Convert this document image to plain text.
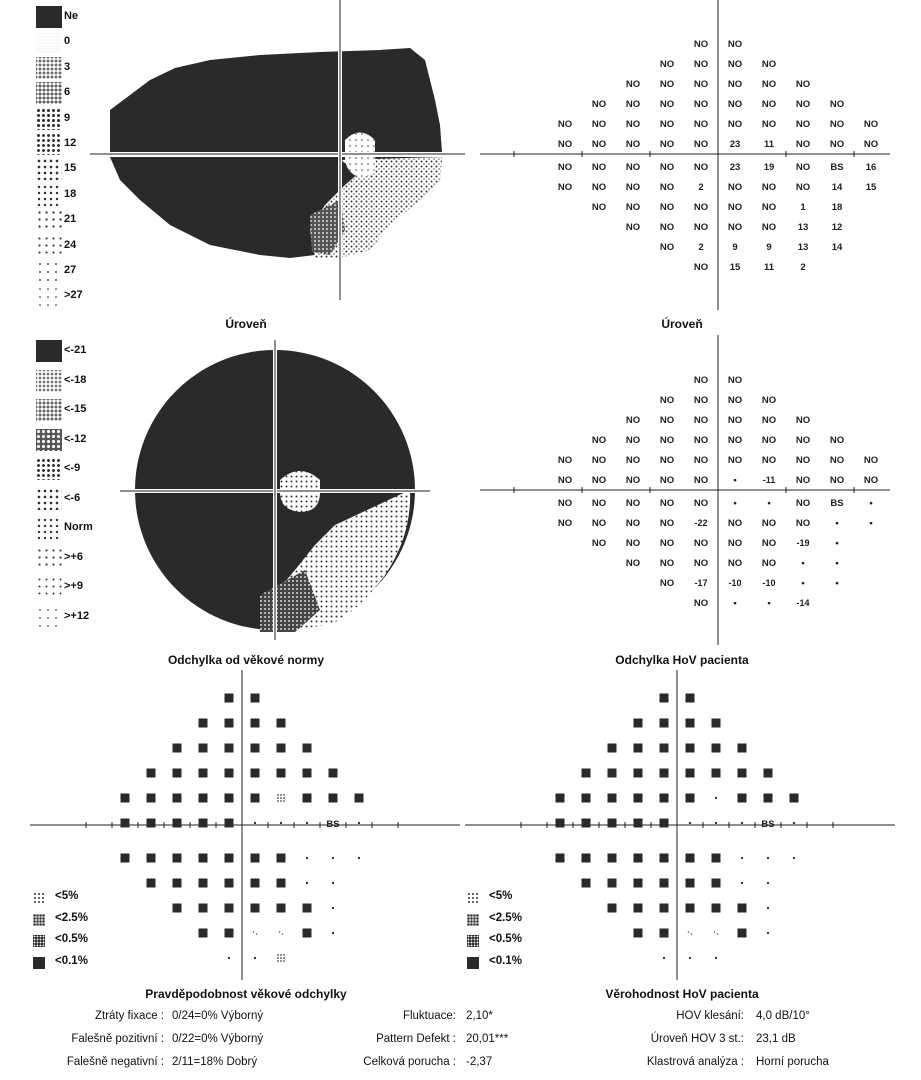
Ne
0
3
6
9
12
15
18
21
24
27
>27
Úroveň
NO NO
NO NO NO NO
NO NO NO NO NO NO
NO NO NO NO NO NO NO NO
NO NO NO NO NO NO NO NO NO NO
NO NO NO NO NO 23 11 NO NO NO
NO NO NO NO NO 23 19 NO BS 16
NO NO NO NO	2	NO NO NO 14 15
NO NO NO NO NO NO	1	18
NO NO NO NO NO 13 12
NO	2	9	9	13 14
NO 15 11	2
Úroveň
<-21
<-18
<-15
<-12
<-9
<-6
Norm
>+6
>+9
>+12
Odchylka od věkové normy
NO NO
NO NO NO NO
NO NO NO NO NO NO
NO NO NO NO NO NO NO NO
NO NO NO NO NO NO NO NO NO NO
NO NO NO NO NO	•	-11 NO NO NO
NO NO NO NO NO	•	•	NO BS	•
NO NO NO NO -22 NO NO NO	•	•
NO NO NO NO NO NO -19	•
NO NO NO NO NO	•	•
NO -17 -10 -10	•	•
NO	•	•	-14
Odchylka HoV pacienta
BS	BS
<5%
<2.5%
<0.5%
<0.1%
<5%
<2.5%
<0.5%
<0.1%
Pravděpodobnost věkové odchylky	Věrohodnost HoV pacienta
Ztráty fixace : 0/24=0% Výborný
Falešně pozitivní : 0/22=0% Výborný
Falešně negativní : 2/11=18% Dobrý
Fluktuace: 2,10*
Pattern Defekt : 20,01***
Celková porucha : -2,37
HOV klesání: 4,0 dB/10°
Úroveň HOV 3 st.: 23,1 dB
Klastrová analýza : Horní porucha
